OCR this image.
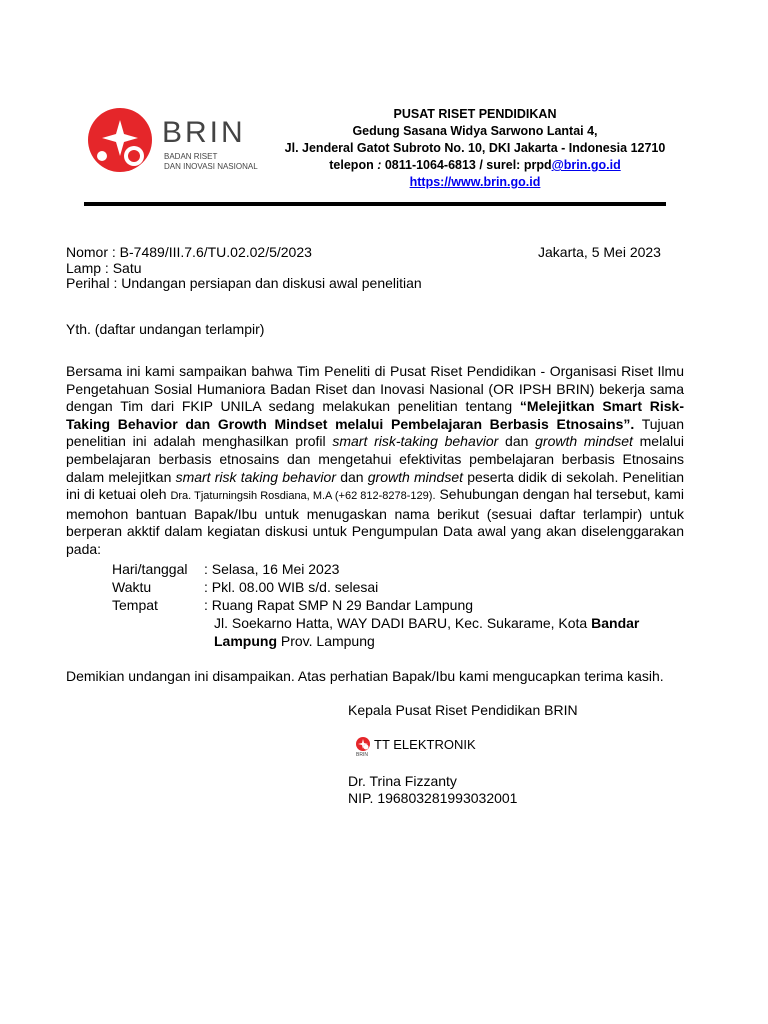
BRIN
BADAN RISET
DAN INOVASI NASIONAL
PUSAT RISET PENDIDIKAN
Gedung Sasana Widya Sarwono Lantai 4,
Jl. Jenderal Gatot Subroto No. 10, DKI Jakarta - Indonesia 12710
telepon : 0811-1064-6813 / surel: prpd@brin.go.id
https://www.brin.go.id
Nomor : B-7489/III.7.6/TU.02.02/5/2023	Jakarta, 5 Mei 2023
Lamp : Satu
Perihal : Undangan persiapan dan diskusi awal penelitian
Yth. (daftar undangan terlampir)
Bersama ini kami sampaikan bahwa Tim Peneliti di Pusat Riset Pendidikan - Organisasi Riset Ilmu Pengetahuan Sosial Humaniora Badan Riset dan Inovasi Nasional (OR IPSH BRIN) bekerja sama dengan Tim dari FKIP UNILA sedang melakukan penelitian tentang “Melejitkan Smart Risk-Taking Behavior dan Growth Mindset melalui Pembelajaran Berbasis Etnosains”. Tujuan penelitian ini adalah menghasilkan profil smart risk-taking behavior dan growth mindset melalui pembelajaran berbasis etnosains dan mengetahui efektivitas pembelajaran berbasis Etnosains dalam melejitkan smart risk taking behavior dan growth mindset peserta didik di sekolah. Penelitian ini di ketuai oleh Dra. Tjaturningsih Rosdiana, M.A (+62 812-8278-129). Sehubungan dengan hal tersebut, kami memohon bantuan Bapak/Ibu untuk menugaskan nama berikut (sesuai daftar terlampir) untuk berperan akktif dalam kegiatan diskusi untuk Pengumpulan Data awal yang akan diselenggarakan pada:
Hari/tanggal	: Selasa, 16 Mei 2023
Waktu	: Pkl. 08.00 WIB s/d. selesai
Tempat	: Ruang Rapat SMP N 29 Bandar Lampung
Jl. Soekarno Hatta, WAY DADI BARU, Kec. Sukarame, Kota Bandar
Lampung Prov. Lampung
Demikian undangan ini disampaikan. Atas perhatian Bapak/Ibu kami mengucapkan terima kasih.
Kepala Pusat Riset Pendidikan BRIN
BRIN
TT ELEKTRONIK
Dr. Trina Fizzanty
NIP. 196803281993032001
